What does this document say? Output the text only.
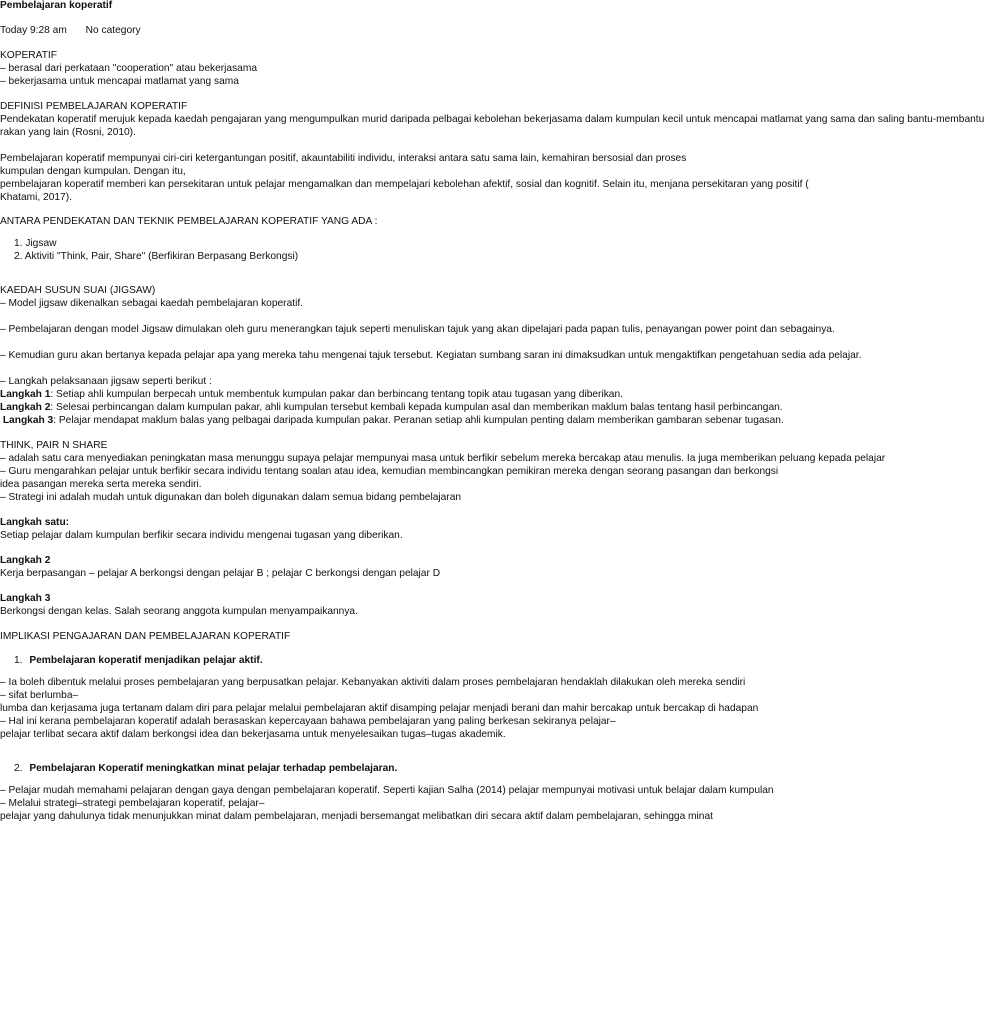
Pembelajaran koperatif
Today 9:28 am No category
KOPERATIF
– berasal dari perkataan "cooperation" atau bekerjasama
– bekerjasama untuk mencapai matlamat yang sama
DEFINISI PEMBELAJARAN KOPERATIF
Pendekatan koperatif merujuk kepada kaedah pengajaran yang mengumpulkan murid daripada pelbagai kebolehan bekerjasama dalam kumpulan kecil untuk mencapai matlamat yang sama dan saling bantu-membantu
rakan yang lain (Rosni, 2010).
Pembelajaran koperatif mempunyai ciri-ciri ketergantungan positif, akauntabiliti individu, interaksi antara satu sama lain, kemahiran bersosial dan proses
kumpulan dengan kumpulan. Dengan itu,
pembelajaran koperatif memberi kan persekitaran untuk pelajar mengamalkan dan mempelajari kebolehan afektif, sosial dan kognitif. Selain itu, menjana persekitaran yang positif (
Khatami, 2017).
ANTARA PENDEKATAN DAN TEKNIK PEMBELAJARAN KOPERATIF YANG ADA :
1. Jigsaw
2. Aktiviti "Think, Pair, Share" (Berfikiran Berpasang Berkongsi)
KAEDAH SUSUN SUAI (JIGSAW)
– Model jigsaw dikenalkan sebagai kaedah pembelajaran koperatif.
– Pembelajaran dengan model Jigsaw dimulakan oleh guru menerangkan tajuk seperti menuliskan tajuk yang akan dipelajari pada papan tulis, penayangan power point dan sebagainya.
– Kemudian guru akan bertanya kepada pelajar apa yang mereka tahu mengenai tajuk tersebut. Kegiatan sumbang saran ini dimaksudkan untuk mengaktifkan pengetahuan sedia ada pelajar.
– Langkah pelaksanaan jigsaw seperti berikut :
Langkah 1: Setiap ahli kumpulan berpecah untuk membentuk kumpulan pakar dan berbincang tentang topik atau tugasan yang diberikan.
Langkah 2: Selesai perbincangan dalam kumpulan pakar, ahli kumpulan tersebut kembali kepada kumpulan asal dan memberikan maklum balas tentang hasil perbincangan.
Langkah 3: Pelajar mendapat maklum balas yang pelbagai daripada kumpulan pakar. Peranan setiap ahli kumpulan penting dalam memberikan gambaran sebenar tugasan.
THINK, PAIR N SHARE
– adalah satu cara menyediakan peningkatan masa menunggu supaya pelajar mempunyai masa untuk berfikir sebelum mereka bercakap atau menulis. Ia juga memberikan peluang kepada pelajar
– Guru mengarahkan pelajar untuk berfikir secara individu tentang soalan atau idea, kemudian membincangkan pemikiran mereka dengan seorang pasangan dan berkongsi
idea pasangan mereka serta mereka sendiri.
– Strategi ini adalah mudah untuk digunakan dan boleh digunakan dalam semua bidang pembelajaran
Langkah satu:
Setiap pelajar dalam kumpulan berfikir secara individu mengenai tugasan yang diberikan.
Langkah 2
Kerja berpasangan – pelajar A berkongsi dengan pelajar B ; pelajar C berkongsi dengan pelajar D
Langkah 3
Berkongsi dengan kelas. Salah seorang anggota kumpulan menyampaikannya.
IMPLIKASI PENGAJARAN DAN PEMBELAJARAN KOPERATIF
1. Pembelajaran koperatif menjadikan pelajar aktif.
– Ia boleh dibentuk melalui proses pembelajaran yang berpusatkan pelajar. Kebanyakan aktiviti dalam proses pembelajaran hendaklah dilakukan oleh mereka sendiri
– sifat berlumba–
lumba dan kerjasama juga tertanam dalam diri para pelajar melalui pembelajaran aktif disamping pelajar menjadi berani dan mahir bercakap untuk bercakap di hadapan
– Hal ini kerana pembelajaran koperatif adalah berasaskan kepercayaan bahawa pembelajaran yang paling berkesan sekiranya pelajar–
pelajar terlibat secara aktif dalam berkongsi idea dan bekerjasama untuk menyelesaikan tugas–tugas akademik.
2. Pembelajaran Koperatif meningkatkan minat pelajar terhadap pembelajaran.
– Pelajar mudah memahami pelajaran dengan gaya dengan pembelajaran koperatif. Seperti kajian Salha (2014) pelajar mempunyai motivasi untuk belajar dalam kumpulan
– Melalui strategi–strategi pembelajaran koperatif, pelajar–
pelajar yang dahulunya tidak menunjukkan minat dalam pembelajaran, menjadi bersemangat melibatkan diri secara aktif dalam pembelajaran, sehingga minat
